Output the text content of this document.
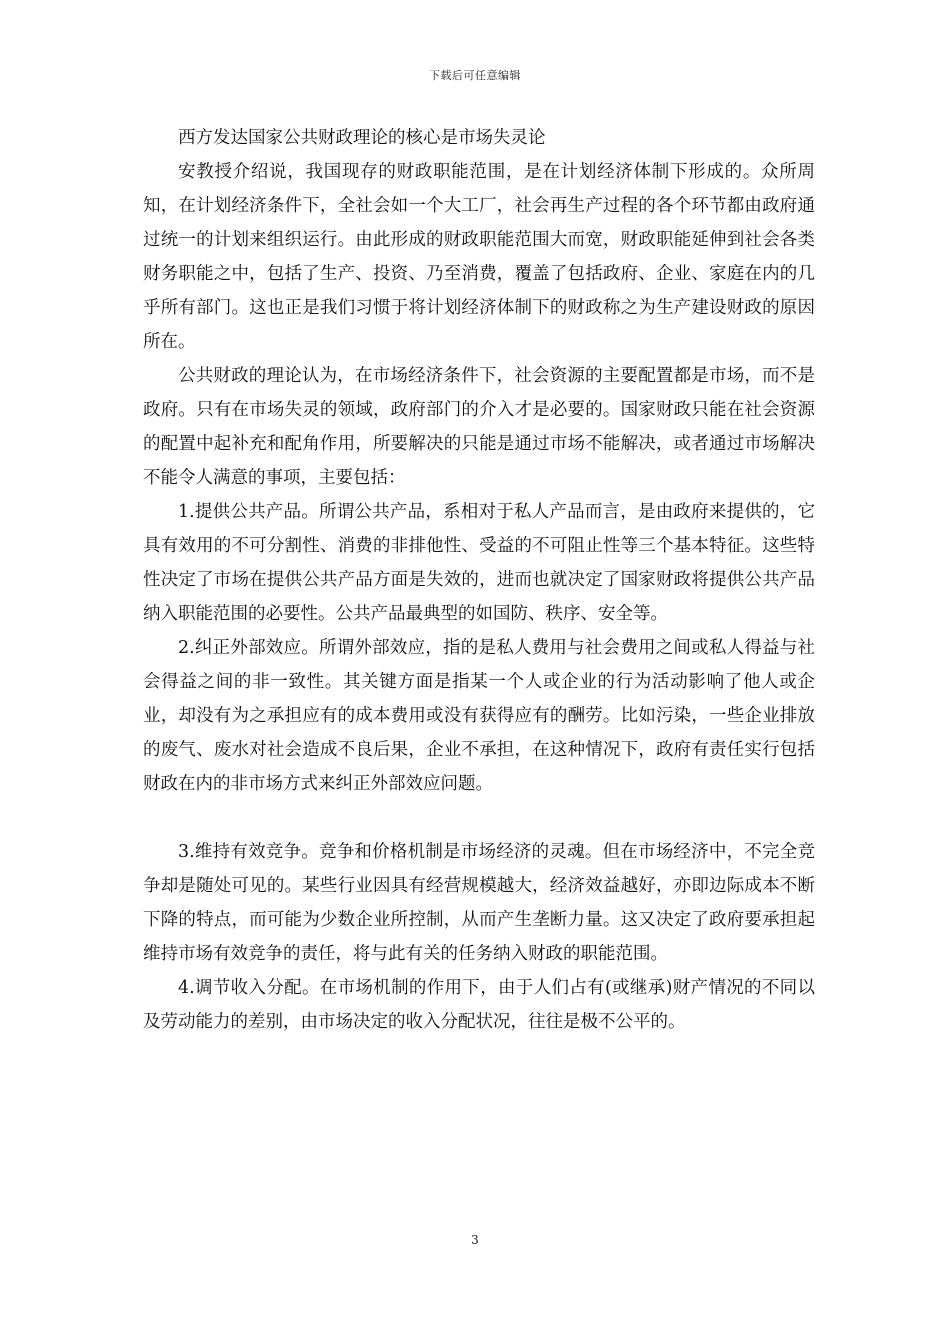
下载后可任意编辑

西方发达国家公共财政理论的核心是市场失灵论

安教授介绍说，我国现存的财政职能范围，是在计划经济体制下形成的。众所周知，在计划经济条件下，全社会如一个大工厂，社会再生产过程的各个环节都由政府通过统一的计划来组织运行。由此形成的财政职能范围大而宽，财政职能延伸到社会各类财务职能之中，包括了生产、投资、乃至消费，覆盖了包括政府、企业、家庭在内的几乎所有部门。这也正是我们习惯于将计划经济体制下的财政称之为生产建设财政的原因所在。

公共财政的理论认为，在市场经济条件下，社会资源的主要配置都是市场，而不是政府。只有在市场失灵的领域，政府部门的介入才是必要的。国家财政只能在社会资源的配置中起补充和配角作用，所要解决的只能是通过市场不能解决，或者通过市场解决不能令人满意的事项，主要包括：

1.提供公共产品。所谓公共产品，系相对于私人产品而言，是由政府来提供的，它具有效用的不可分割性、消费的非排他性、受益的不可阻止性等三个基本特征。这些特性决定了市场在提供公共产品方面是失效的，进而也就决定了国家财政将提供公共产品纳入职能范围的必要性。公共产品最典型的如国防、秩序、安全等。

2.纠正外部效应。所谓外部效应，指的是私人费用与社会费用之间或私人得益与社会得益之间的非一致性。其关键方面是指某一个人或企业的行为活动影响了他人或企业，却没有为之承担应有的成本费用或没有获得应有的酬劳。比如污染，一些企业排放的废气、废水对社会造成不良后果，企业不承担，在这种情况下，政府有责任实行包括财政在内的非市场方式来纠正外部效应问题。

3.维持有效竞争。竞争和价格机制是市场经济的灵魂。但在市场经济中，不完全竞争却是随处可见的。某些行业因具有经营规模越大，经济效益越好，亦即边际成本不断下降的特点，而可能为少数企业所控制，从而产生垄断力量。这又决定了政府要承担起维持市场有效竞争的责任，将与此有关的任务纳入财政的职能范围。

4.调节收入分配。在市场机制的作用下，由于人们占有(或继承)财产情况的不同以及劳动能力的差别，由市场决定的收入分配状况，往往是极不公平的。

3
